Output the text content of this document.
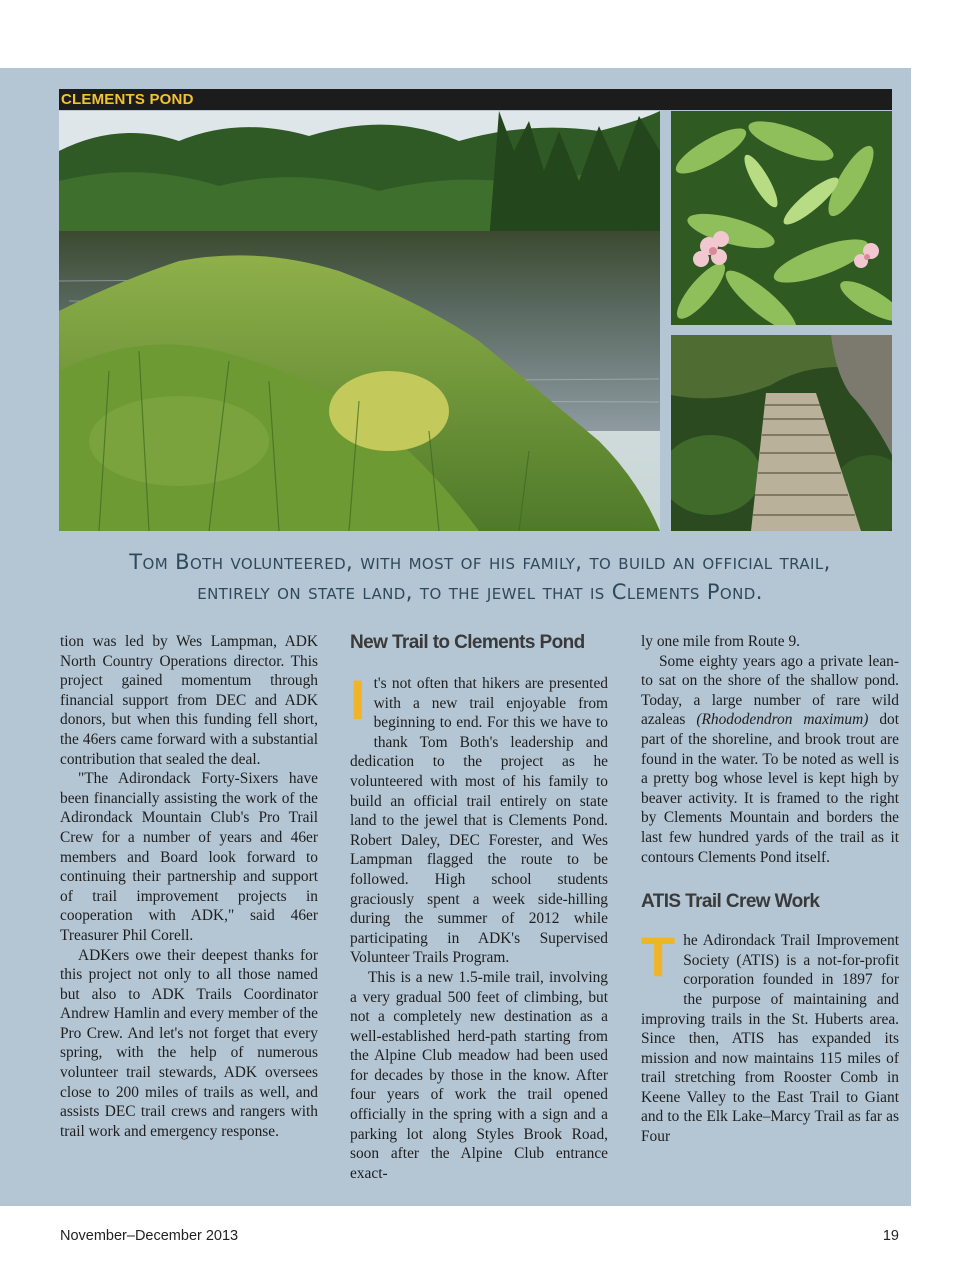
CLEMENTS POND
Tom Both volunteered, with most of his family, to build an official trail,
entirely on state land, to the jewel that is Clements Pond.

tion was led by Wes Lampman, ADK North Country Operations director. This project gained momentum through financial support from DEC and ADK donors, but when this funding fell short, the 46ers came forward with a substantial contribution that sealed the deal.

"The Adirondack Forty-Sixers have been financially assisting the work of the Adirondack Mountain Club's Pro Trail Crew for a number of years and 46er members and Board look forward to continuing their partnership and support of trail improvement projects in cooperation with ADK," said 46er Treasurer Phil Corell.

ADKers owe their deepest thanks for this project not only to all those named but also to ADK Trails Coordinator Andrew Hamlin and every member of the Pro Crew. And let's not forget that every spring, with the help of numerous volunteer trail stewards, ADK oversees close to 200 miles of trails as well, and assists DEC trail crews and rangers with trail work and emergency response.

New Trail to Clements Pond

It's not often that hikers are presented with a new trail enjoyable from beginning to end. For this we have to thank Tom Both's leadership and dedication to the project as he volunteered with most of his family to build an official trail entirely on state land to the jewel that is Clements Pond. Robert Daley, DEC Forester, and Wes Lampman flagged the route to be followed. High school students graciously spent a week side-hilling during the summer of 2012 while participating in ADK's Supervised Volunteer Trails Program.

This is a new 1.5-mile trail, involving a very gradual 500 feet of climbing, but not a completely new destination as a well-established herd-path starting from the Alpine Club meadow had been used for decades by those in the know. After four years of work the trail opened officially in the spring with a sign and a parking lot along Styles Brook Road, soon after the Alpine Club entrance exact-

ly one mile from Route 9.

Some eighty years ago a private lean-to sat on the shore of the shallow pond. Today, a large number of rare wild azaleas (Rhododendron maximum) dot part of the shoreline, and brook trout are found in the water. To be noted as well is a pretty bog whose level is kept high by beaver activity. It is framed to the right by Clements Mountain and borders the last few hundred yards of the trail as it contours Clements Pond itself.

ATIS Trail Crew Work

The Adirondack Trail Improvement Society (ATIS) is a not-for-profit corporation founded in 1897 for the purpose of maintaining and improving trails in the St. Huberts area. Since then, ATIS has expanded its mission and now maintains 115 miles of trail stretching from Rooster Comb in Keene Valley to the East Trail to Giant and to the Elk Lake–Marcy Trail as far as Four

November–December 2013	19
